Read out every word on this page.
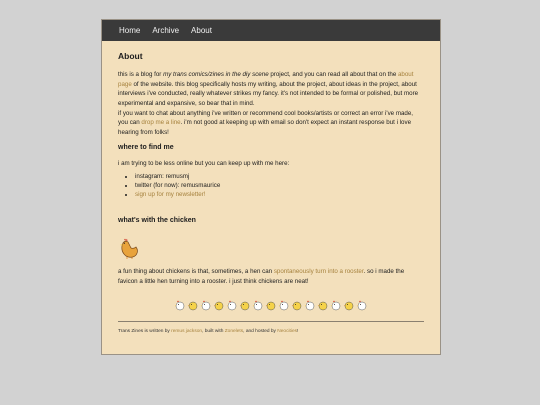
Home Archive About
About

this is a blog for my trans comics/zines in the diy scene project, and you can read all about that on the about page of the website. this blog specifically hosts my writing, about the project, about ideas in the project, about interviews i've conducted, really whatever strikes my fancy. it's not intended to be formal or polished, but more experimental and expansive, so bear that in mind.

if you want to chat about anything i've written or recommend cool books/artists or correct an error i've made, you can drop me a line. i'm not good at keeping up with email so don't expect an instant response but i love hearing from folks!

where to find me

i am trying to be less online but you can keep up with me here:

• instagram: remusmj
• twitter (for now): remusmaurice
• sign up for my newsletter!
what's with the chicken

a fun thing about chickens is that, sometimes, a hen can spontaneously turn into a rooster. so i made the favicon a little hen turning into a rooster. i just think chickens are neat!

Trans Zines is written by remus jackson, built with Zonelets, and hosted by Neocities!
